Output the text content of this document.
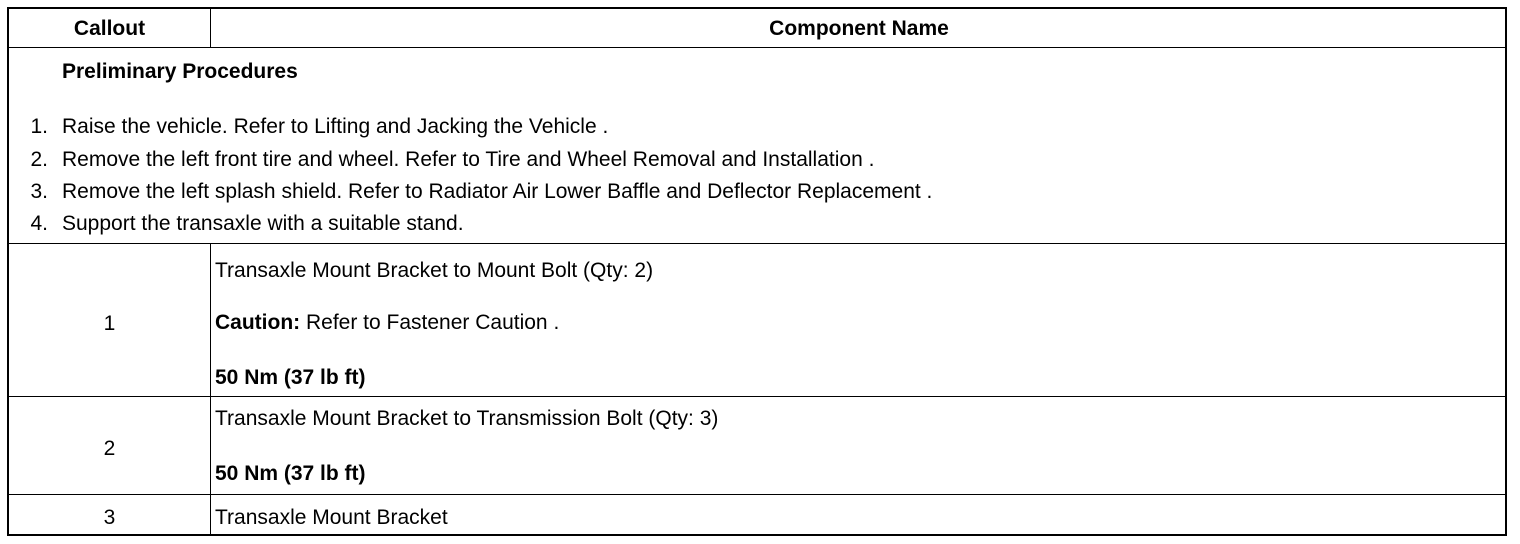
Callout	Component Name
Preliminary Procedures
1. Raise the vehicle. Refer to Lifting and Jacking the Vehicle .
2. Remove the left front tire and wheel. Refer to Tire and Wheel Removal and Installation .
3. Remove the left splash shield. Refer to Radiator Air Lower Baffle and Deflector Replacement .
4. Support the transaxle with a suitable stand.
1
Transaxle Mount Bracket to Mount Bolt (Qty: 2)
Caution: Refer to Fastener Caution .
50 Nm (37 lb ft)
2
Transaxle Mount Bracket to Transmission Bolt (Qty: 3)
50 Nm (37 lb ft)
3	Transaxle Mount Bracket
